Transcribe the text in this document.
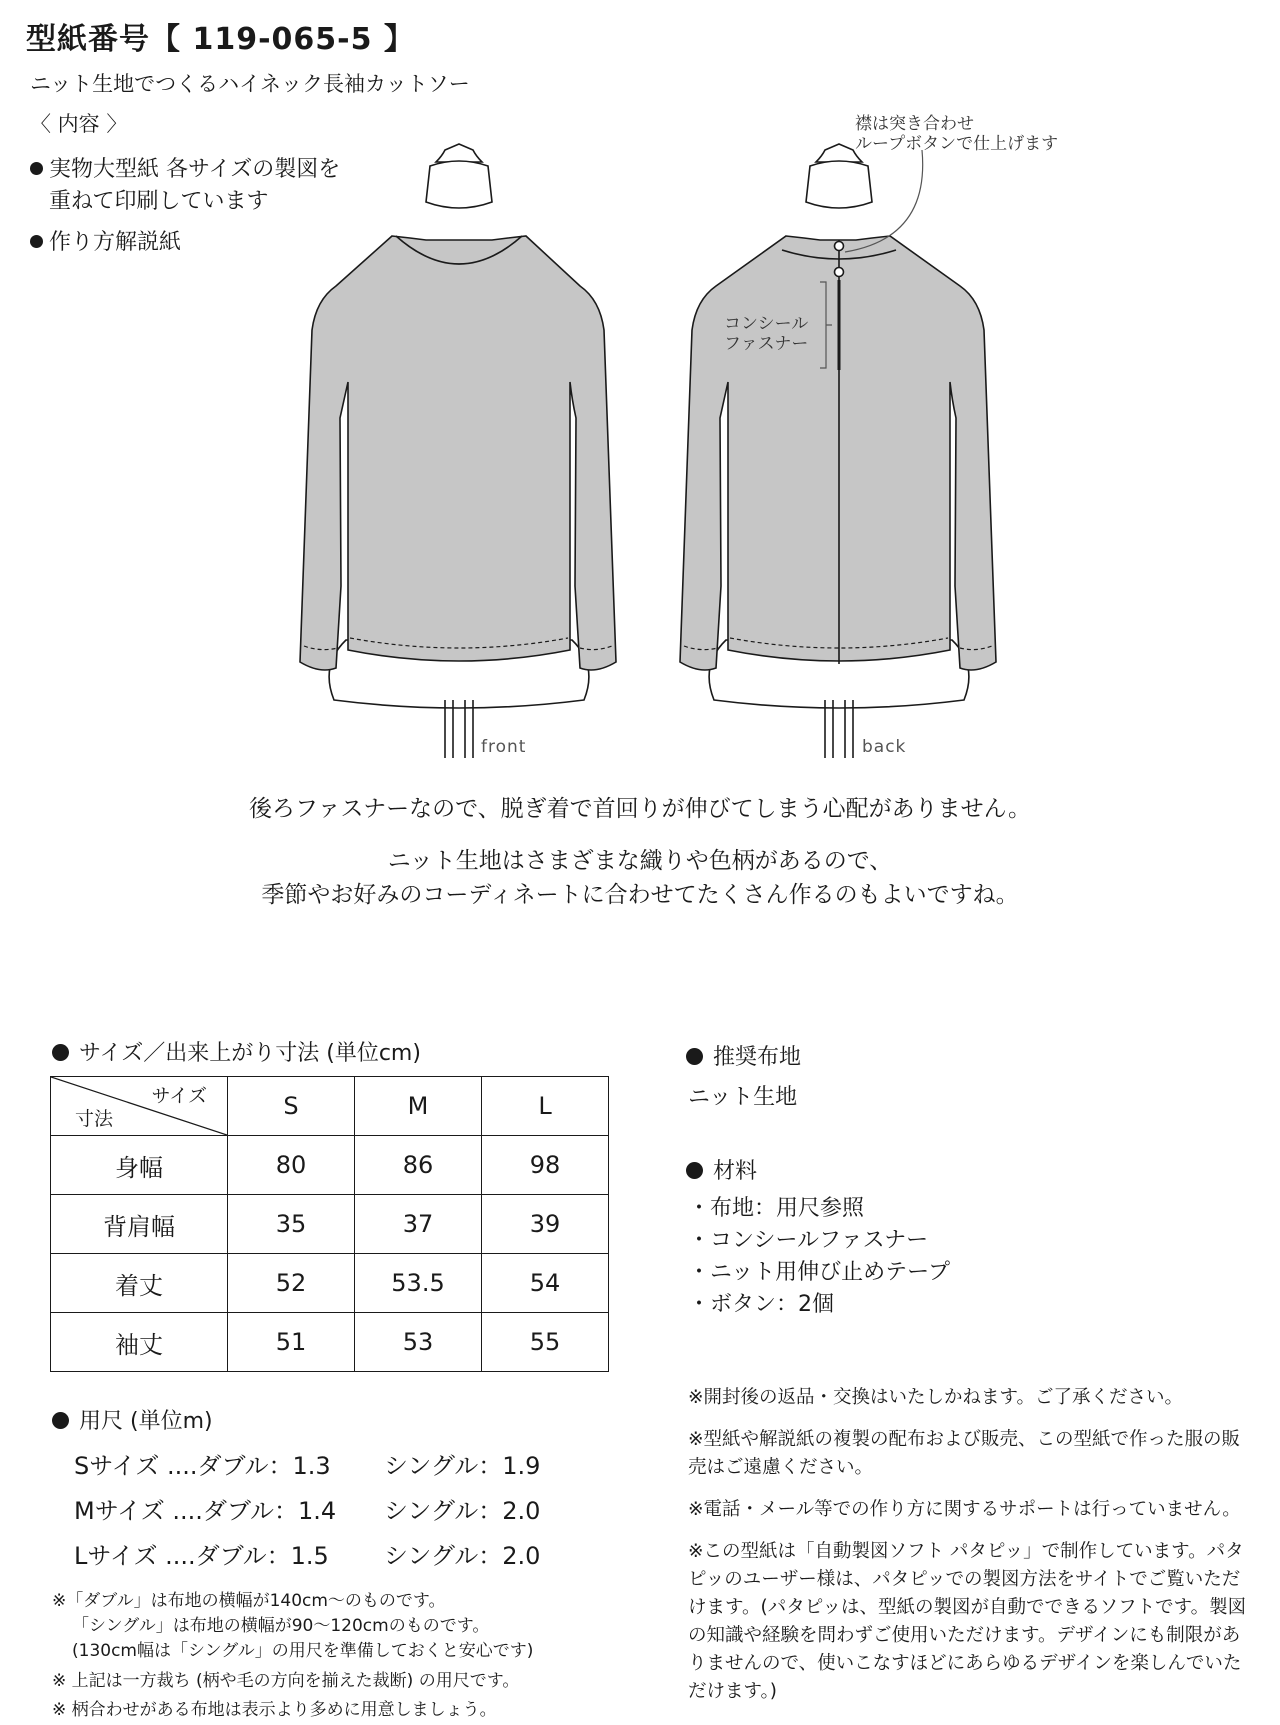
型紙番号【 119-065-5 】
ニット生地でつくるハイネック長袖カットソー
〈 内容 〉
実物大型紙 各サイズの製図を
重ねて印刷しています
作り方解説紙
front	back
襟は突き合わせ
ループボタンで仕上げます
コンシール
ファスナー
後ろファスナーなので、脱ぎ着で首回りが伸びてしまう心配がありません。
ニット生地はさまざまな織りや色柄があるので、
季節やお好みのコーディネートに合わせてたくさん作るのもよいですね。
サイズ／出来上がり寸法 (単位cm)
サイズ
寸法	S	M	L
身幅	80	86	98
背肩幅	35	37	39
着丈	52	53.5	54
袖丈	51	53	55
用尺 (単位m)
Sサイズ ....ダブル：1.3 シングル：1.9
Mサイズ ....ダブル：1.4 シングル：2.0
Lサイズ ....ダブル：1.5 シングル：2.0
※「ダブル」は布地の横幅が140cm～のものです。
「シングル」は布地の横幅が90～120cmのものです。
(130cm幅は「シングル」の用尺を準備しておくと安心です)
※ 上記は一方裁ち (柄や毛の方向を揃えた裁断) の用尺です。
※ 柄合わせがある布地は表示より多めに用意しましょう。
推奨布地
ニット生地
材料
・布地：用尺参照
・コンシールファスナー
・ニット用伸び止めテープ
・ボタン：2個
※開封後の返品・交換はいたしかねます。ご了承ください。
※型紙や解説紙の複製の配布および販売、この型紙で作った服の販売はご遠慮ください。
※電話・メール等での作り方に関するサポートは行っていません。
※この型紙は「自動製図ソフト パタピッ」で制作しています。パタピッのユーザー様は、パタピッでの製図方法をサイトでご覧いただけます。(パタピッは、型紙の製図が自動でできるソフトです。製図の知識や経験を問わずご使用いただけます。デザインにも制限がありませんので、使いこなすほどにあらゆるデザインを楽しんでいただけます。)
